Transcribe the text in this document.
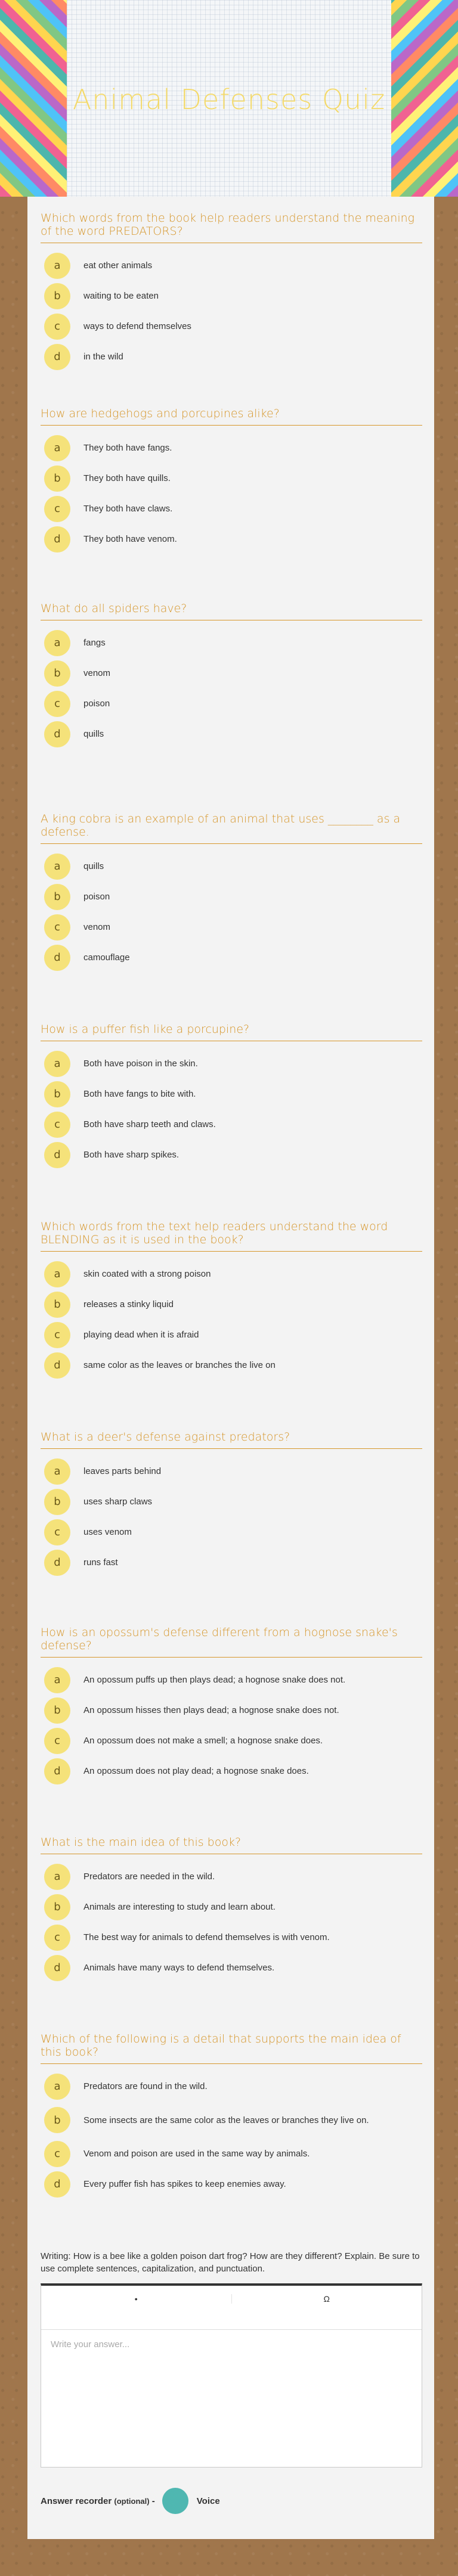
Animal Defenses Quiz
Which of the following is a detail that supports the main idea of this book?
a	Predators are found in the wild.
b	Some insects are the same color as the leaves or branches they live on.
c	Venom and poison are used in the same way by animals.
d	Every puffer fish has spikes to keep enemies away.
What is the main idea of this book?
a	Predators are needed in the wild.
b	Animals are interesting to study and learn about.
c	The best way for animals to defend themselves is with venom.
d	Animals have many ways to defend themselves.
How is an opossum's defense different from a hognose snake's defense?
a	An opossum puffs up then plays dead; a hognose snake does not.
b	An opossum hisses then plays dead; a hognose snake does not.
c	An opossum does not make a smell; a hognose snake does.
d	An opossum does not play dead; a hognose snake does.
What is a deer's defense against predators?
a	leaves parts behind
b	uses sharp claws
c	uses venom
d	runs fast
Which words from the text help readers understand the word BLENDING as it is used in the book?
a	skin coated with a strong poison
b	releases a stinky liquid
c	playing dead when it is afraid
d	same color as the leaves or branches the live on
How is a puffer fish like a porcupine?
a	Both have poison in the skin.
b	Both have fangs to bite with.
c	Both have sharp teeth and claws.
d	Both have sharp spikes.
A king cobra is an example of an animal that uses ________ as a defense.
a	quills
b	poison
c	venom
d	camouflage
What do all spiders have?
a	fangs
b	venom
c	poison
d	quills
How are hedgehogs and porcupines alike?
a	They both have fangs.
b	They both have quills.
c	They both have claws.
d	They both have venom.
Which words from the book help readers understand the meaning of the word PREDATORS?
a	eat other animals
b	waiting to be eaten
c	ways to defend themselves
d	in the wild
Writing: How is a bee like a golden poison dart frog? How are they different? Explain. Be sure to use complete sentences, capitalization, and punctuation.
•	Ω
Write your answer...
Answer recorder (optional) -	Voice
